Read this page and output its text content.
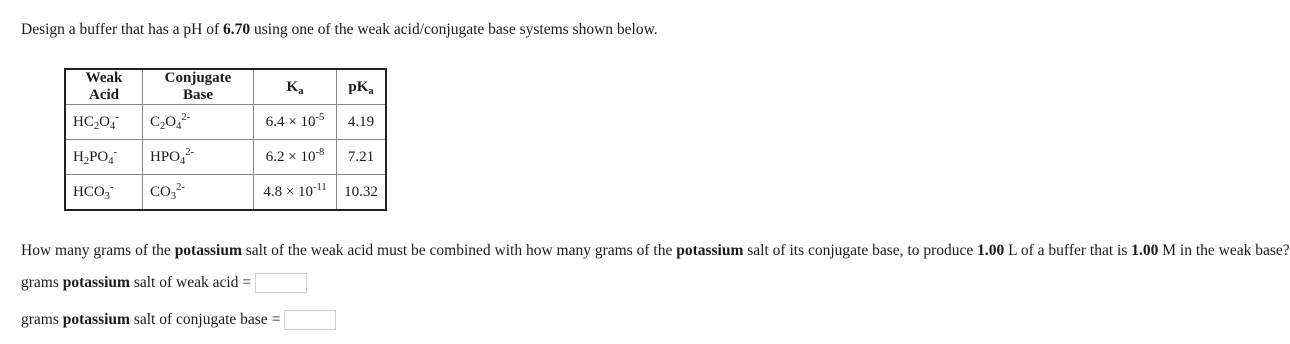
Design a buffer that has a pH of 6.70 using one of the weak acid/conjugate base systems shown below.
Weak Acid	Conjugate Base	$K_a$	$pK_a$
$HC_2O_4^-$	$C_2O_4^{2-}$	$6.4 \times 10^{-5}$	4.19
$H_2PO_4^-$	$HPO_4^{2-}$	$6.2 \times 10^{-8}$	7.21
$HCO_3^-$	$CO_3^{2-}$	$4.8 \times 10^{-11}$	10.32
How many grams of the potassium salt of the weak acid must be combined with how many grams of the potassium salt of its conjugate base, to produce 1.00 L of a buffer that is 1.00 M in the weak base?
grams potassium salt of weak acid =
grams potassium salt of conjugate base =
